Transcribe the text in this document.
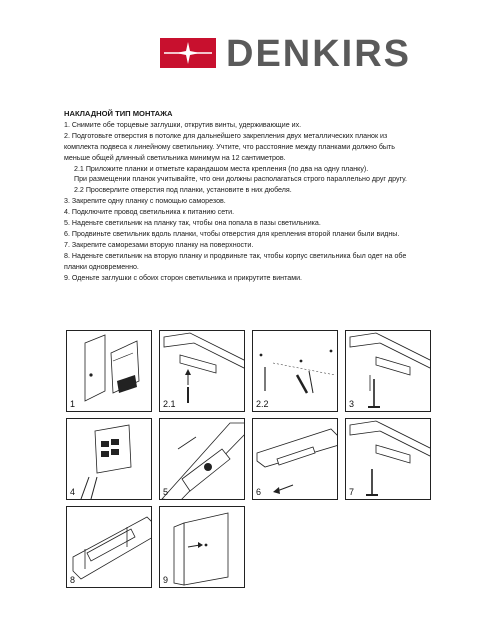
DENKIRS
НАКЛАДНОЙ ТИП МОНТАЖА
1. Снимите обе торцевые заглушки, открутив винты, удерживающие их.
2. Подготовьте отверстия в потолке для дальнейшего закрепления двух металлических планок из
комплекта подвеса к линейному светильнику. Учтите, что расстояние между планками должно быть
меньше общей длинный светильника минимум на 12 сантиметров.
2.1 Приложите планки и отметьте карандашом места крепления (по два на одну планку).
При размещении планок учитывайте, что они должны располагаться строго параллельно друг другу.
2.2 Просверлите отверстия под планки, установите в них дюбеля.
3. Закрепите одну планку с помощью саморезов.
4. Подключите провод светильника к питанию сети.
5. Наденьте светильник на планку так, чтобы она попала в пазы светильника.
6. Продвиньте светильник вдоль планки, чтобы отверстия для крепления второй планки были видны.
7. Закрепите саморезами вторую планку на поверхности.
8. Наденьте светильник на вторую планку и продвиньте так, чтобы корпус светильника был одет на обе
планки одновременно.
9. Оденьте заглушки с обоих сторон светильника и прикрутите винтами.
1	2.1	2.2	3
4	5	6	7
8	9
